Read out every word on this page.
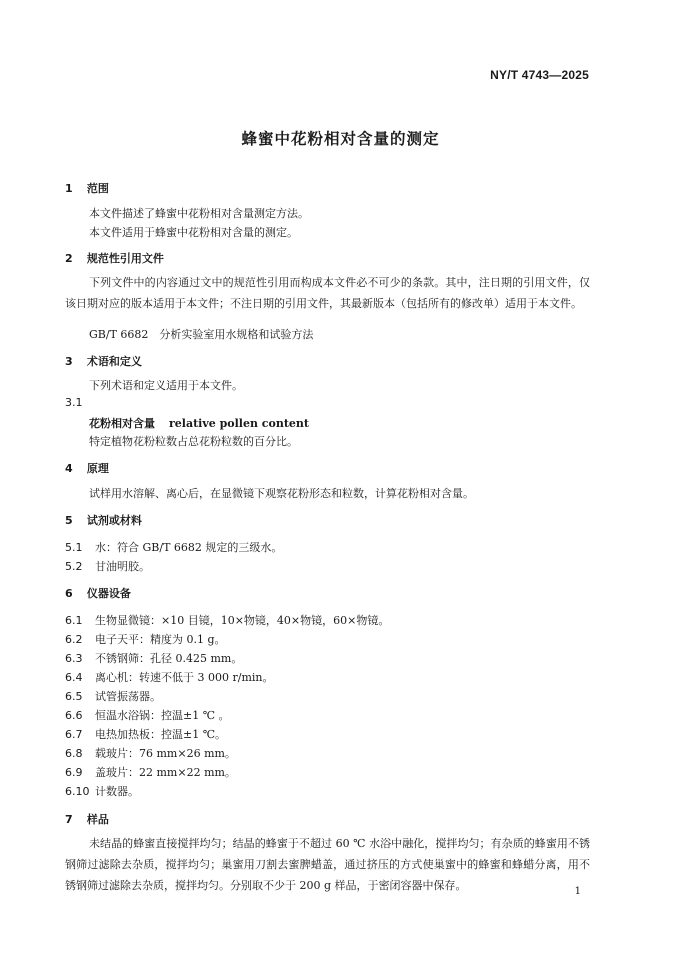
NY/T 4743—2025
蜂蜜中花粉相对含量的测定
1 范围
本文件描述了蜂蜜中花粉相对含量测定方法。
本文件适用于蜂蜜中花粉相对含量的测定。
2 规范性引用文件
下列文件中的内容通过文中的规范性引用而构成本文件必不可少的条款。其中，注日期的引用文件，仅该日期对应的版本适用于本文件；不注日期的引用文件，其最新版本（包括所有的修改单）适用于本文件。
GB/T 6682　分析实验室用水规格和试验方法
3 术语和定义
下列术语和定义适用于本文件。
3.1
花粉相对含量 relative pollen content
特定植物花粉粒数占总花粉粒数的百分比。
4 原理
试样用水溶解、离心后，在显微镜下观察花粉形态和粒数，计算花粉相对含量。
5 试剂或材料
5.1 水：符合 GB/T 6682 规定的三级水。
5.2 甘油明胶。
6 仪器设备
6.1 生物显微镜：×10 目镜，10×物镜，40×物镜，60×物镜。
6.2 电子天平：精度为 0.1 g。
6.3 不锈钢筛：孔径 0.425 mm。
6.4 离心机：转速不低于 3 000 r/min。
6.5 试管振荡器。
6.6 恒温水浴锅：控温±1 ℃ 。
6.7 电热加热板：控温±1 ℃。
6.8 载玻片：76 mm×26 mm。
6.9 盖玻片：22 mm×22 mm。
6.10 计数器。
7 样品
未结晶的蜂蜜直接搅拌均匀；结晶的蜂蜜于不超过 60 ℃ 水浴中融化，搅拌均匀；有杂质的蜂蜜用不锈钢筛过滤除去杂质，搅拌均匀；巢蜜用刀割去蜜脾蜡盖，通过挤压的方式使巢蜜中的蜂蜜和蜂蜡分离，用不锈钢筛过滤除去杂质，搅拌均匀。分别取不少于 200 g 样品，于密闭容器中保存。	1
